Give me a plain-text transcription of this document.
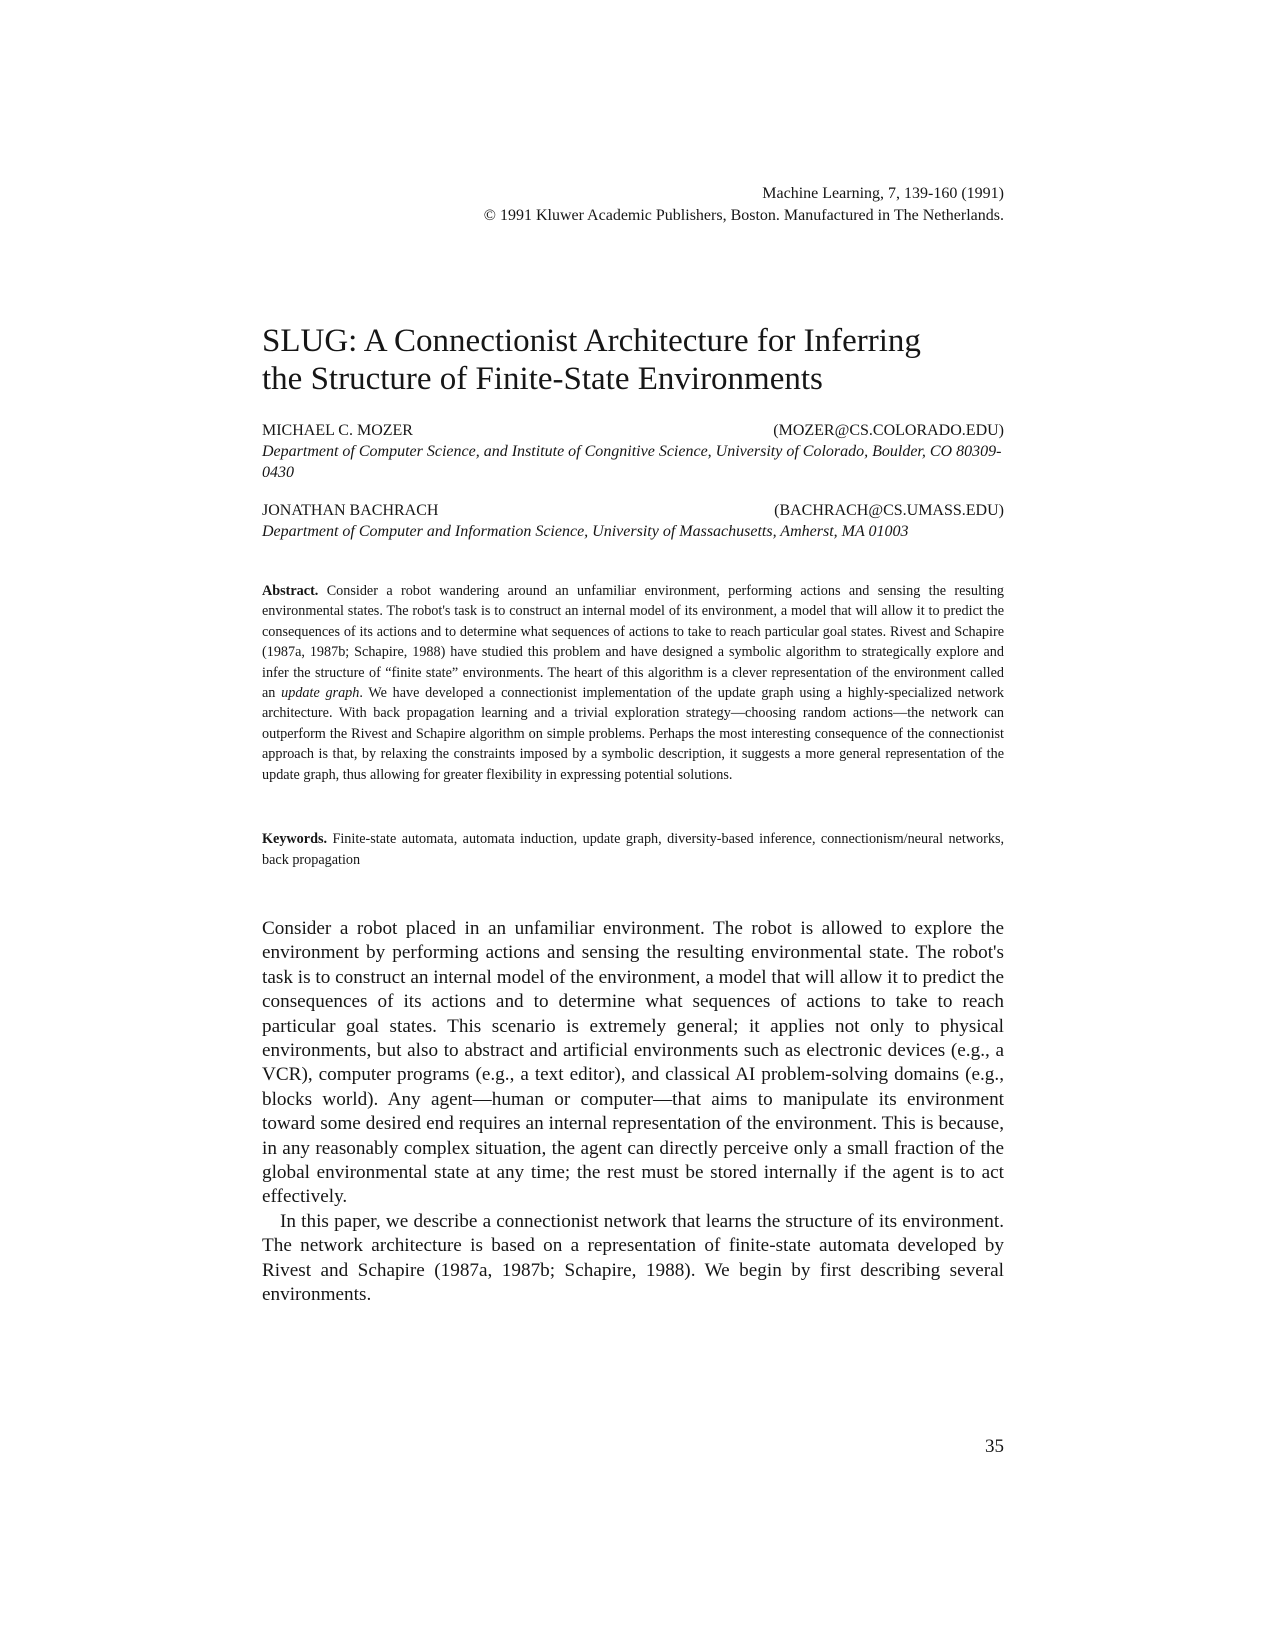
Machine Learning, 7, 139-160 (1991)
© 1991 Kluwer Academic Publishers, Boston. Manufactured in The Netherlands.
SLUG: A Connectionist Architecture for Inferring
the Structure of Finite-State Environments
MICHAEL C. MOZER	(MOZER@CS.COLORADO.EDU)
Department of Computer Science, and Institute of Congnitive Science, University of Colorado, Boulder, CO 80309-0430
JONATHAN BACHRACH	(BACHRACH@CS.UMASS.EDU)
Department of Computer and Information Science, University of Massachusetts, Amherst, MA 01003

Abstract. Consider a robot wandering around an unfamiliar environment, performing actions and sensing the resulting environmental states. The robot's task is to construct an internal model of its environment, a model that will allow it to predict the consequences of its actions and to determine what sequences of actions to take to reach particular goal states. Rivest and Schapire (1987a, 1987b; Schapire, 1988) have studied this problem and have designed a symbolic algorithm to strategically explore and infer the structure of “finite state” environments. The heart of this algorithm is a clever representation of the environment called an update graph. We have developed a connectionist implementation of the update graph using a highly-specialized network architecture. With back propagation learning and a trivial exploration strategy—choosing random actions—the network can outperform the Rivest and Schapire algorithm on simple problems. Perhaps the most interesting consequence of the connectionist approach is that, by relaxing the constraints imposed by a symbolic description, it suggests a more general representation of the update graph, thus allowing for greater flexibility in expressing potential solutions.

Keywords. Finite-state automata, automata induction, update graph, diversity-based inference, connectionism/neural networks, back propagation

Consider a robot placed in an unfamiliar environment. The robot is allowed to explore the environment by performing actions and sensing the resulting environmental state. The robot's task is to construct an internal model of the environment, a model that will allow it to predict the consequences of its actions and to determine what sequences of actions to take to reach particular goal states. This scenario is extremely general; it applies not only to physical environments, but also to abstract and artificial environments such as electronic devices (e.g., a VCR), computer programs (e.g., a text editor), and classical AI problem-solving domains (e.g., blocks world). Any agent—human or computer—that aims to manipulate its environment toward some desired end requires an internal representation of the environment. This is because, in any reasonably complex situation, the agent can directly perceive only a small fraction of the global environmental state at any time; the rest must be stored internally if the agent is to act effectively.

In this paper, we describe a connectionist network that learns the structure of its environment. The network architecture is based on a representation of finite-state automata developed by Rivest and Schapire (1987a, 1987b; Schapire, 1988). We begin by first describing several environments.

35
